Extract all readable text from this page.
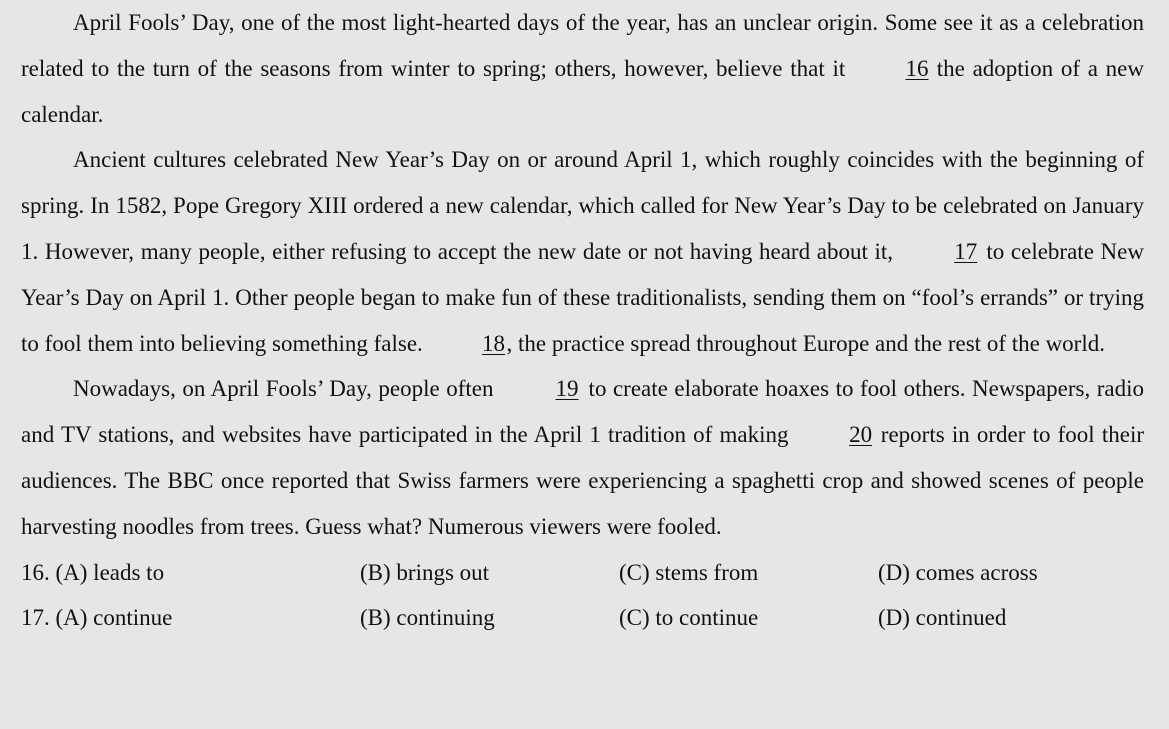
April Fools’ Day, one of the most light-hearted days of the year, has an unclear origin. Some see it as a celebration related to the turn of the seasons from winter to spring; others, however, believe that it 16 the adoption of a new calendar.

Ancient cultures celebrated New Year’s Day on or around April 1, which roughly coincides with the beginning of spring. In 1582, Pope Gregory XIII ordered a new calendar, which called for New Year’s Day to be celebrated on January 1. However, many people, either refusing to accept the new date or not having heard about it, 17 to celebrate New Year’s Day on April 1. Other people began to make fun of these traditionalists, sending them on “fool’s errands” or trying to fool them into believing something false. 18, the practice spread throughout Europe and the rest of the world.

Nowadays, on April Fools’ Day, people often 19 to create elaborate hoaxes to fool others. Newspapers, radio and TV stations, and websites have participated in the April 1 tradition of making 20 reports in order to fool their audiences. The BBC once reported that Swiss farmers were experiencing a spaghetti crop and showed scenes of people harvesting noodles from trees. Guess what? Numerous viewers were fooled.

16. (A) leads to	(B) brings out	(C) stems from	(D) comes across
17. (A) continue	(B) continuing	(C) to continue	(D) continued
